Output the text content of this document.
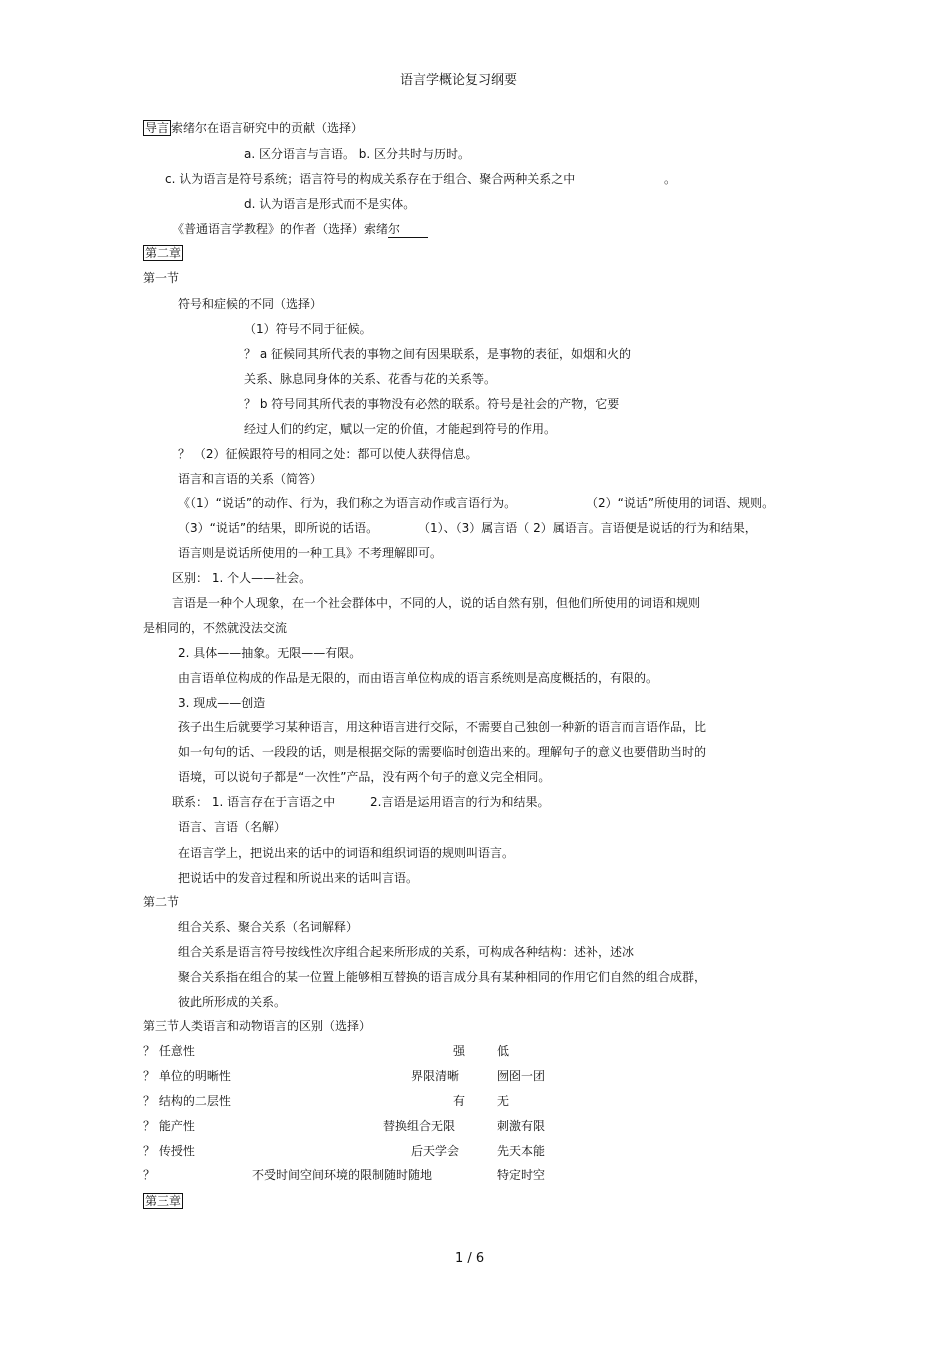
语言学概论复习纲要
导言 索绪尔在语言研究中的贡献（选择）
a. 区分语言与言语。 b. 区分共时与历时。
c. 认为语言是符号系统；语言符号的构成关系存在于组合、聚合两种关系之中	。
d. 认为语言是形式而不是实体。
《普通语言学教程》的作者（选择）索绪尔
第二章
第一节
符号和症候的不同（选择）
（1）符号不同于征候。
？ a 征候同其所代表的事物之间有因果联系，是事物的表征，如烟和火的
关系、脉息同身体的关系、花香与花的关系等。
？ b 符号同其所代表的事物没有必然的联系。符号是社会的产物，它要
经过人们的约定，赋以一定的价值，才能起到符号的作用。
？ （2）征候跟符号的相同之处：都可以使人获得信息。
语言和言语的关系（简答）
《（1）“说话”的动作、行为，我们称之为语言动作或言语行为。	（2）“说话”所使用的词语、规则。
（3）“说话”的结果，即所说的话语。	（1）、（3）属言语（ 2）属语言。言语便是说话的行为和结果，
语言则是说话所使用的一种工具》不考理解即可。
区别： 1. 个人——社会。
言语是一种个人现象，在一个社会群体中，不同的人，说的话自然有别，但他们所使用的词语和规则
是相同的，不然就没法交流
2. 具体——抽象。无限——有限。
由言语单位构成的作品是无限的，而由语言单位构成的语言系统则是高度概括的，有限的。
3. 现成——创造
孩子出生后就要学习某种语言，用这种语言进行交际，不需要自己独创一种新的语言而言语作品，比
如一句句的话、一段段的话，则是根据交际的需要临时创造出来的。理解句子的意义也要借助当时的
语境，可以说句子都是“一次性”产品，没有两个句子的意义完全相同。
联系： 1. 语言存在于言语之中	2.言语是运用语言的行为和结果。
语言、言语（名解）
在语言学上，把说出来的话中的词语和组织词语的规则叫语言。
把说话中的发音过程和所说出来的话叫言语。
第二节
组合关系、聚合关系（名词解释）
组合关系是语言符号按线性次序组合起来所形成的关系，可构成各种结构：述补，述冰
聚合关系指在组合的某一位置上能够相互替换的语言成分具有某种相同的作用它们自然的组合成群，
彼此所形成的关系。
第三节人类语言和动物语言的区别（选择）
？ 任意性	强	低
？ 单位的明晰性	界限清晰	囫囵一团
？ 结构的二层性	有	无
？ 能产性	替换组合无限	刺激有限
？ 传授性	后天学会	先天本能
？	不受时间空间环境的限制随时随地	特定时空
第三章
1 / 6
